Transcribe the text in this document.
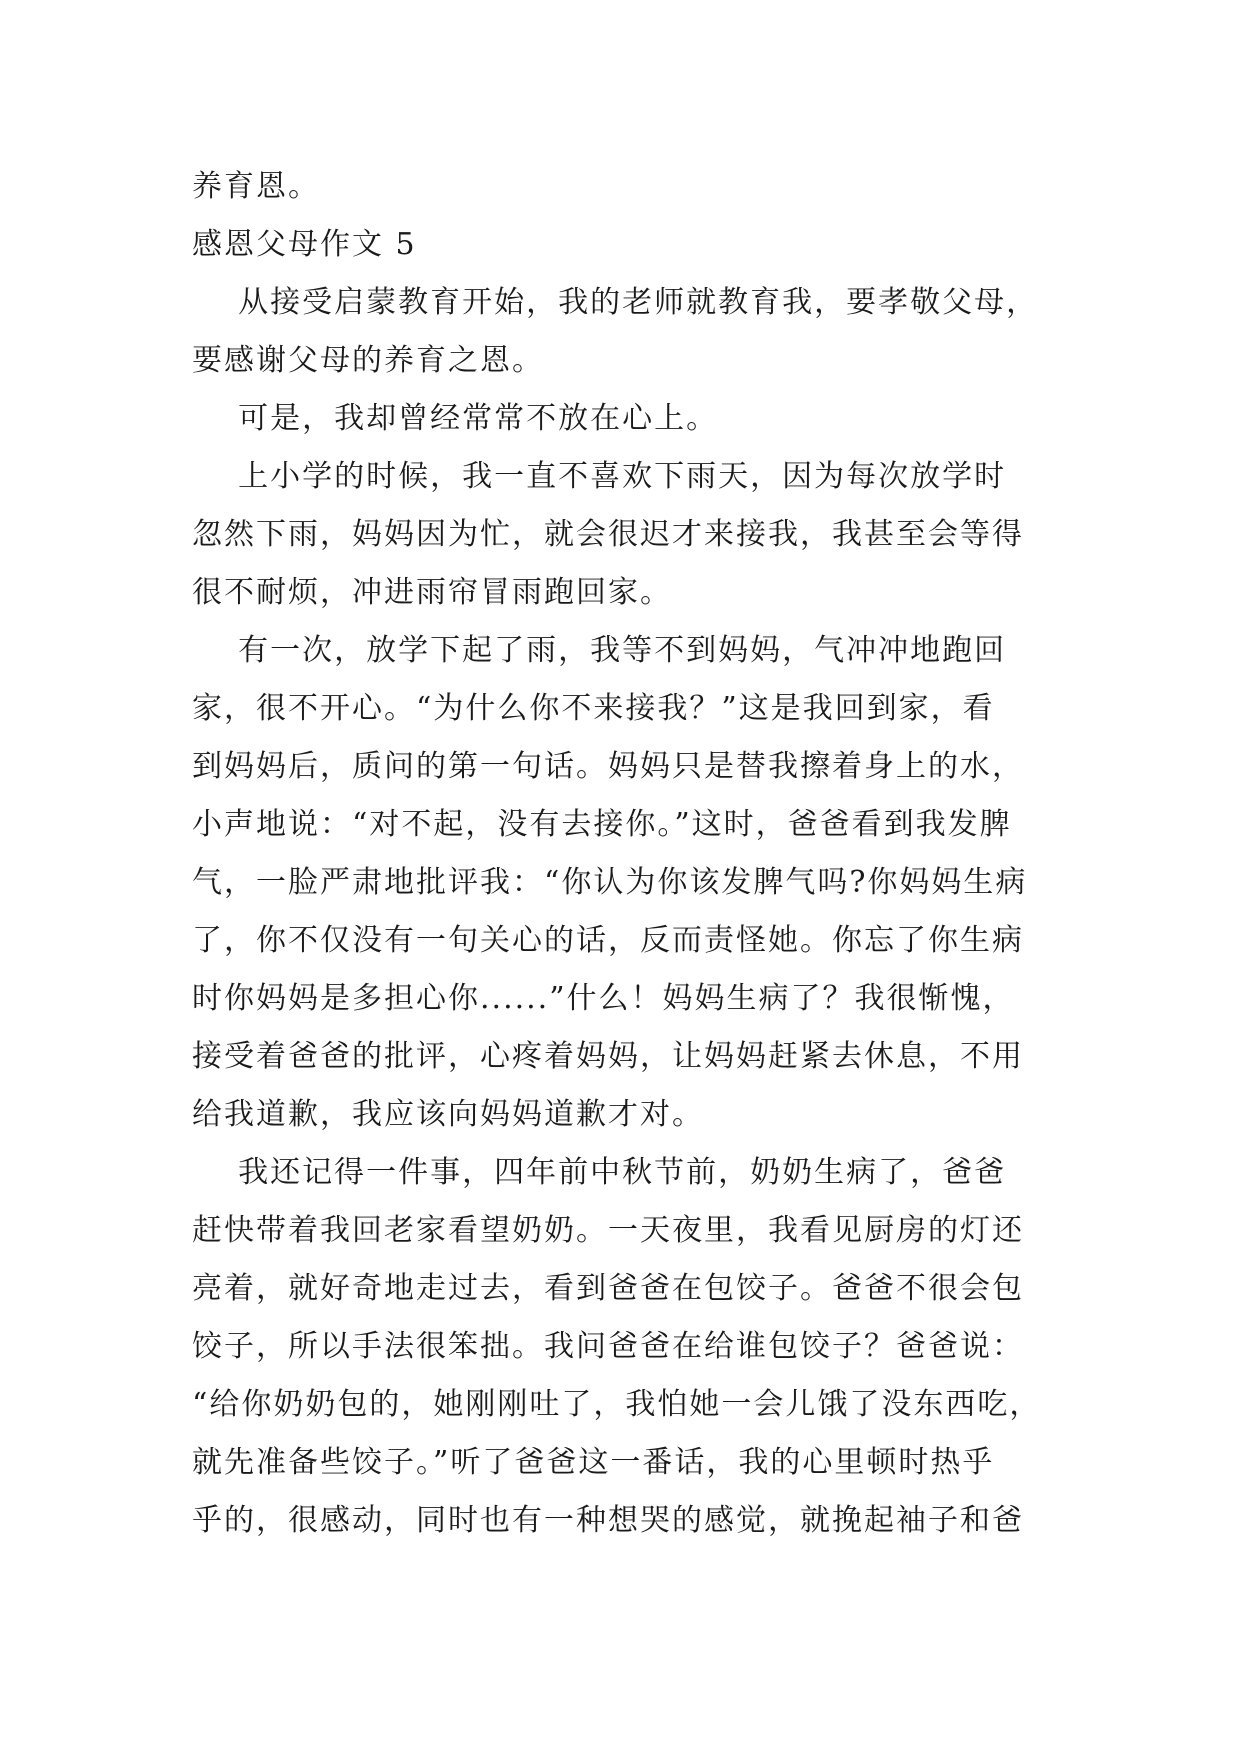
养育恩。

感恩父母作文 5

从接受启蒙教育开始，我的老师就教育我，要孝敬父母，

要感谢父母的养育之恩。

可是，我却曾经常常不放在心上。

上小学的时候，我一直不喜欢下雨天，因为每次放学时

忽然下雨，妈妈因为忙，就会很迟才来接我，我甚至会等得

很不耐烦，冲进雨帘冒雨跑回家。

有一次，放学下起了雨，我等不到妈妈，气冲冲地跑回

家，很不开心。“为什么你不来接我？”这是我回到家，看

到妈妈后，质问的第一句话。妈妈只是替我擦着身上的水，

小声地说：“对不起，没有去接你。”这时，爸爸看到我发脾

气，一脸严肃地批评我：“你认为你该发脾气吗?你妈妈生病

了，你不仅没有一句关心的话，反而责怪她。你忘了你生病

时你妈妈是多担心你......”什么！妈妈生病了？我很惭愧，

接受着爸爸的批评，心疼着妈妈，让妈妈赶紧去休息，不用

给我道歉，我应该向妈妈道歉才对。

我还记得一件事，四年前中秋节前，奶奶生病了，爸爸

赶快带着我回老家看望奶奶。一天夜里，我看见厨房的灯还

亮着，就好奇地走过去，看到爸爸在包饺子。爸爸不很会包

饺子，所以手法很笨拙。我问爸爸在给谁包饺子？爸爸说：

“给你奶奶包的，她刚刚吐了，我怕她一会儿饿了没东西吃，

就先准备些饺子。”听了爸爸这一番话，我的心里顿时热乎

乎的，很感动，同时也有一种想哭的感觉，就挽起袖子和爸
